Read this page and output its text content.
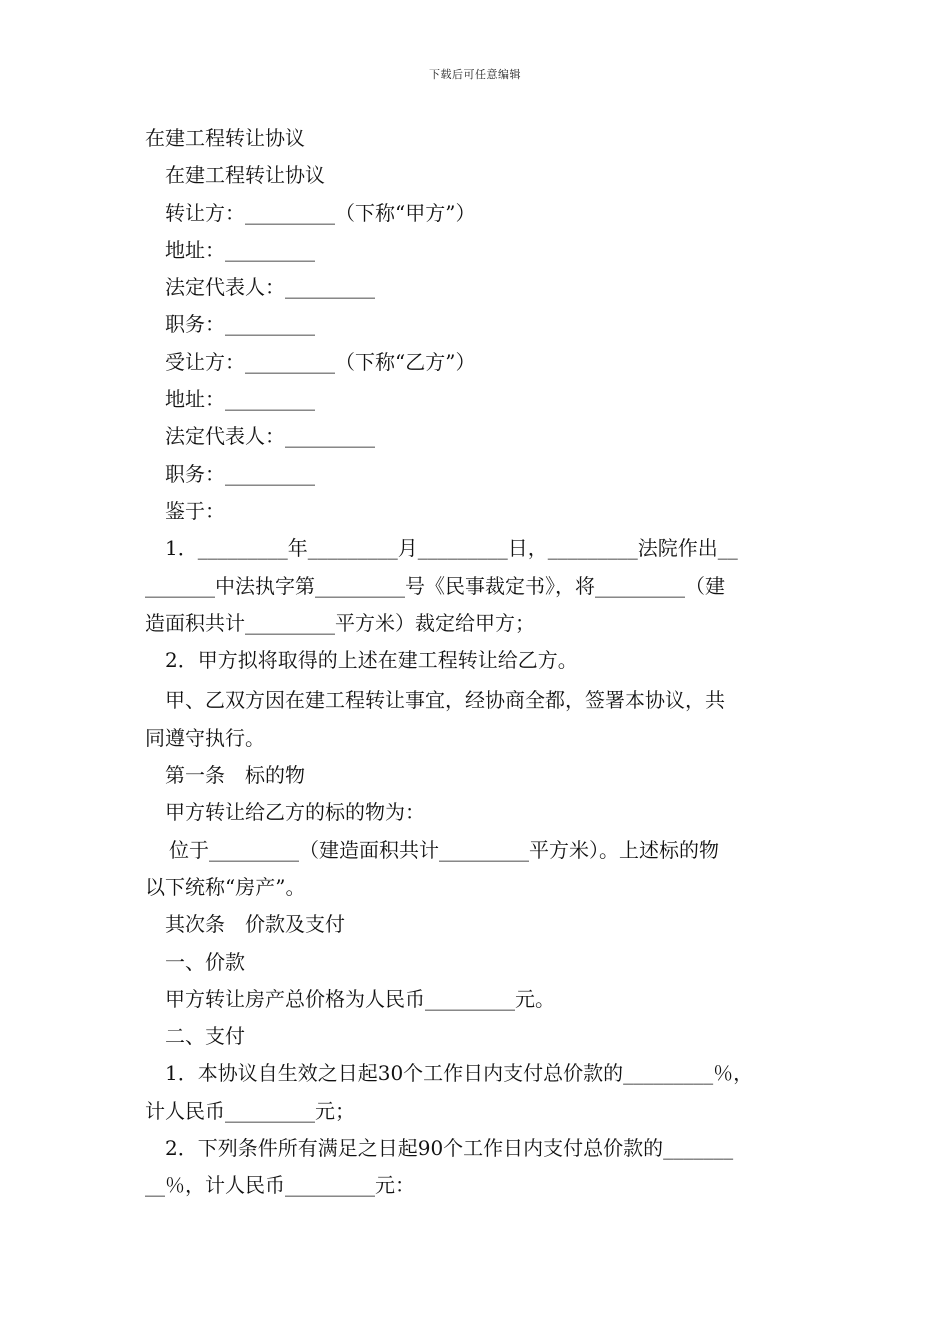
下载后可任意编辑
在建工程转让协议
在建工程转让协议
转让方：_________（下称“甲方”）
地址：_________
法定代表人：_________
职务：_________
受让方：_________（下称“乙方”）
地址：_________
法定代表人：_________
职务：_________
鉴于：
1．_________年_________月_________日，_________法院作出__
_______中法执字第_________号《民事裁定书》，将_________（建
造面积共计_________平方米）裁定给甲方；
2．甲方拟将取得的上述在建工程转让给乙方。
甲、乙双方因在建工程转让事宜，经协商全都，签署本协议，共
同遵守执行。
第一条　标的物
甲方转让给乙方的标的物为：
位于_________（建造面积共计_________平方米）。上述标的物
以下统称“房产”。
其次条　价款及支付
一、价款
甲方转让房产总价格为人民币_________元。
二、支付
1．本协议自生效之日起30个工作日内支付总价款的_________％，
计人民币_________元；
2．下列条件所有满足之日起90个工作日内支付总价款的_______
__％，计人民币_________元：
